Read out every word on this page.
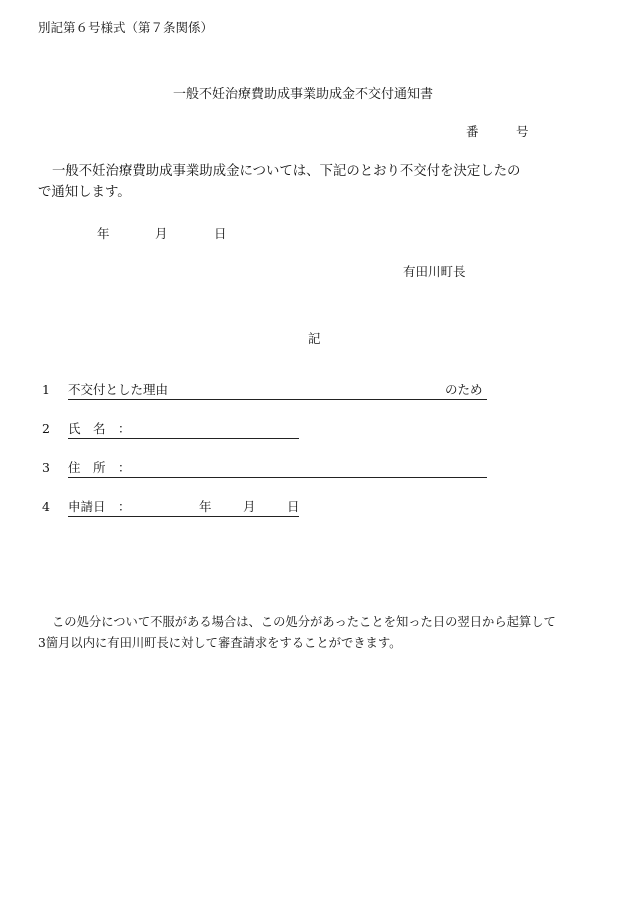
別記第６号様式（第７条関係）
一般不妊治療費助成事業助成金不交付通知書
番　　　号
一般不妊治療費助成事業助成金については、下記のとおり不交付を決定したの
で通知します。
年	月	日
有田川町長
記
1 不交付とした理由	のため
2 氏　名　：
3 住　所　：
4 申請日　：	年	月	日
この処分について不服がある場合は、この処分があったことを知った日の翌日から起算して
3箇月以内に有田川町長に対して審査請求をすることができます。
